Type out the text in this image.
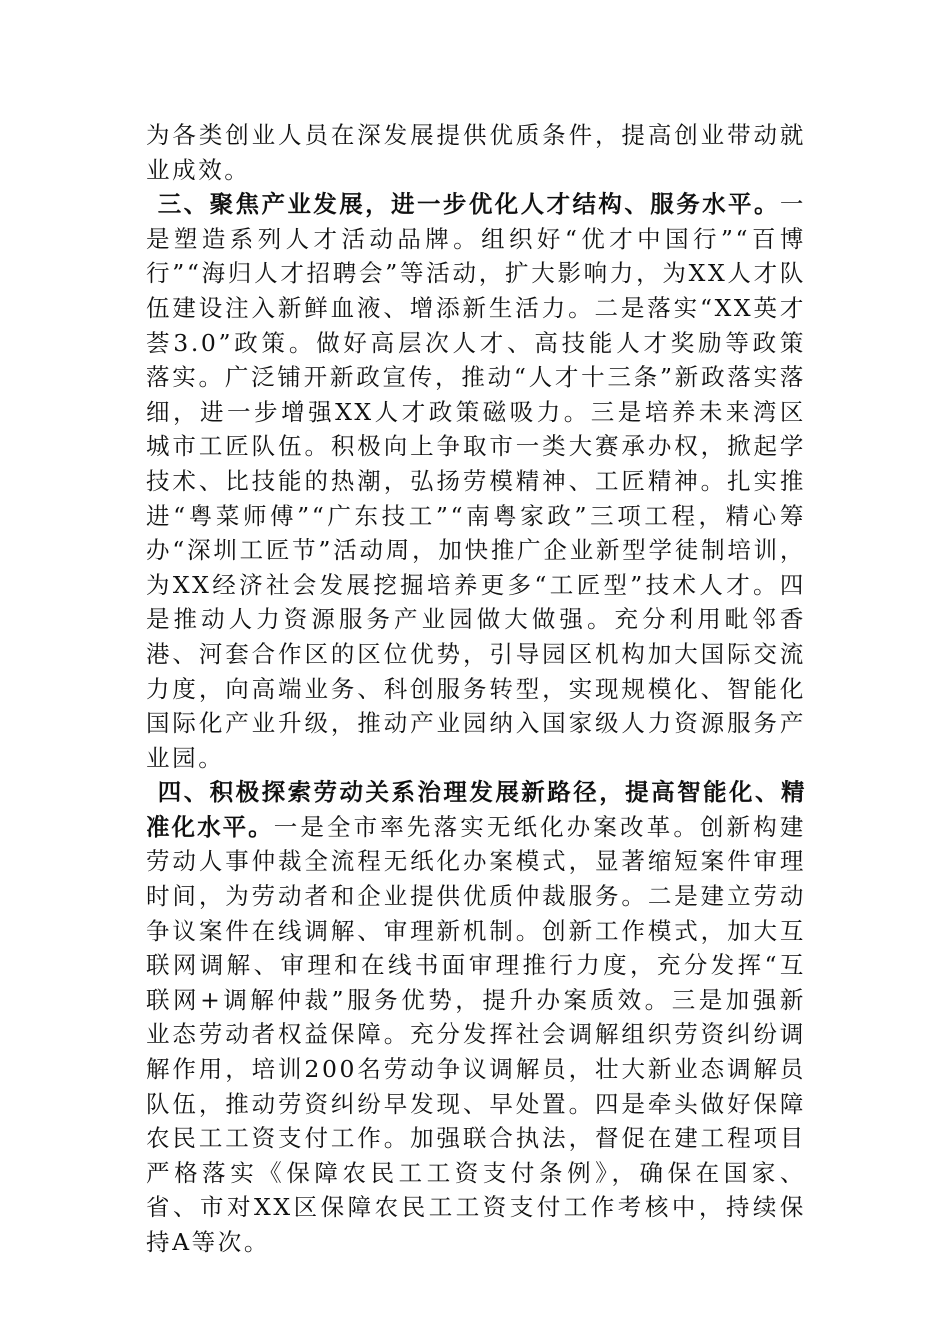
为各类创业人员在深发展提供优质条件，提高创业带动就业成效。

三、聚焦产业发展，进一步优化人才结构、服务水平。一是塑造系列人才活动品牌。组织好“优才中国行”“百博行”“海归人才招聘会”等活动，扩大影响力，为XX人才队伍建设注入新鲜血液、增添新生活力。二是落实“XX英才荟3.0”政策。做好高层次人才、高技能人才奖励等政策落实。广泛铺开新政宣传，推动“人才十三条”新政落实落细，进一步增强XX人才政策磁吸力。三是培养未来湾区城市工匠队伍。积极向上争取市一类大赛承办权，掀起学技术、比技能的热潮，弘扬劳模精神、工匠精神。扎实推进“粤菜师傅”“广东技工”“南粤家政”三项工程，精心筹办“深圳工匠节”活动周，加快推广企业新型学徒制培训，为XX经济社会发展挖掘培养更多“工匠型”技术人才。四是推动人力资源服务产业园做大做强。充分利用毗邻香港、河套合作区的区位优势，引导园区机构加大国际交流力度，向高端业务、科创服务转型，实现规模化、智能化国际化产业升级，推动产业园纳入国家级人力资源服务产业园。

四、积极探索劳动关系治理发展新路径，提高智能化、精准化水平。一是全市率先落实无纸化办案改革。创新构建劳动人事仲裁全流程无纸化办案模式，显著缩短案件审理时间，为劳动者和企业提供优质仲裁服务。二是建立劳动争议案件在线调解、审理新机制。创新工作模式，加大互联网调解、审理和在线书面审理推行力度，充分发挥“互联网+调解仲裁”服务优势，提升办案质效。三是加强新业态劳动者权益保障。充分发挥社会调解组织劳资纠纷调解作用，培训200名劳动争议调解员，壮大新业态调解员队伍，推动劳资纠纷早发现、早处置。四是牵头做好保障农民工工资支付工作。加强联合执法，督促在建工程项目严格落实《保障农民工工资支付条例》，确保在国家、省、市对XX区保障农民工工资支付工作考核中，持续保持A等次。
